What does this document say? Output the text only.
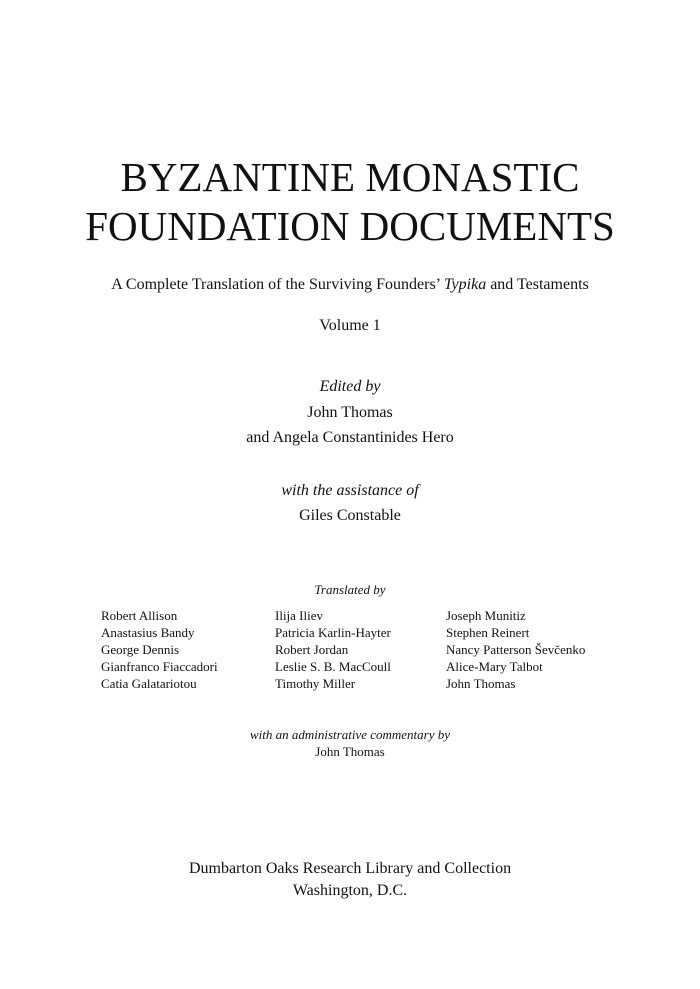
BYZANTINE MONASTIC
FOUNDATION DOCUMENTS
A Complete Translation of the Surviving Founders’ Typika and Testaments
Volume 1
Edited by
John Thomas
and Angela Constantinides Hero
with the assistance of
Giles Constable
Translated by
Robert Allison
Anastasius Bandy
George Dennis
Gianfranco Fiaccadori
Catia Galatariotou
Ilija Iliev
Patricia Karlin-Hayter
Robert Jordan
Leslie S. B. MacCoull
Timothy Miller
Joseph Munitiz
Stephen Reinert
Nancy Patterson Ševčenko
Alice-Mary Talbot
John Thomas
with an administrative commentary by
John Thomas
Dumbarton Oaks Research Library and Collection
Washington, D.C.
